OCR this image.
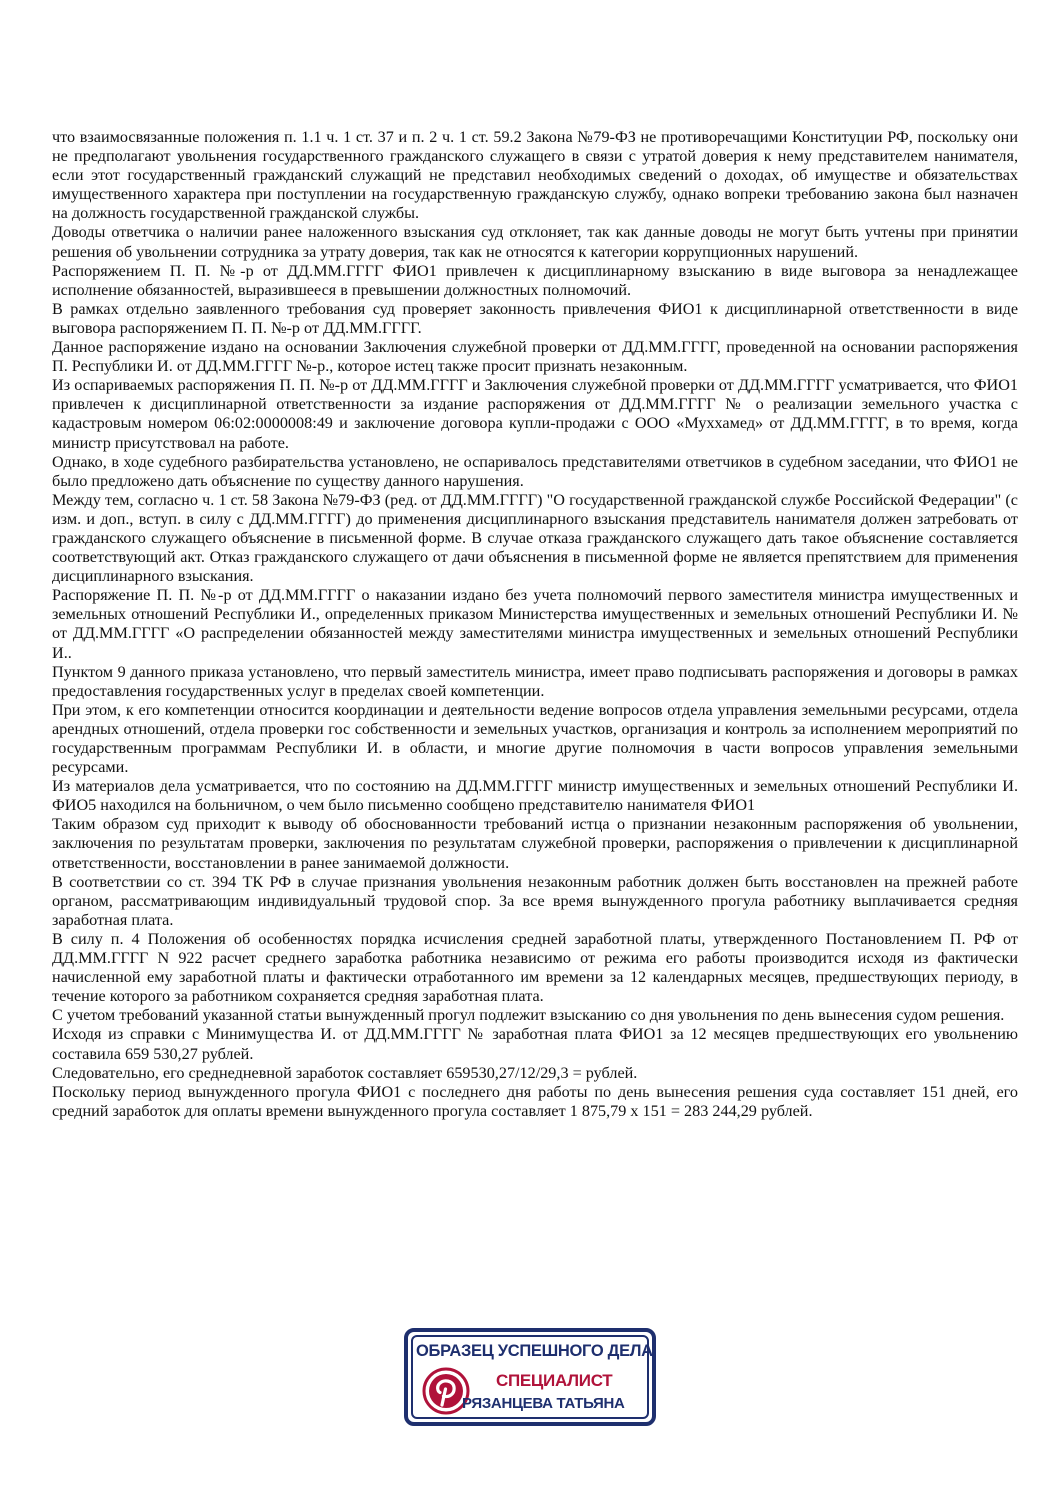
что взаимосвязанные положения п. 1.1 ч. 1 ст. 37 и п. 2 ч. 1 ст. 59.2 Закона №79-ФЗ не противоречащими Конституции РФ, поскольку они не предполагают увольнения государственного гражданского служащего в связи с утратой доверия к нему представителем нанимателя, если этот государственный гражданский служащий не представил необходимых сведений о доходах, об имуществе и обязательствах имущественного характера при поступлении на государственную гражданскую службу, однако вопреки требованию закона был назначен на должность государственной гражданской службы.

Доводы ответчика о наличии ранее наложенного взыскания суд отклоняет, так как данные доводы не могут быть учтены при принятии решения об увольнении сотрудника за утрату доверия, так как не относятся к категории коррупционных нарушений.

Распоряжением П. П. №-р от ДД.ММ.ГГГГ ФИО1 привлечен к дисциплинарному взысканию в виде выговора за ненадлежащее исполнение обязанностей, выразившееся в превышении должностных полномочий.

В рамках отдельно заявленного требования суд проверяет законность привлечения ФИО1 к дисциплинарной ответственности в виде выговора распоряжением П. П. №-р от ДД.ММ.ГГГГ.

Данное распоряжение издано на основании Заключения служебной проверки от ДД.ММ.ГГГГ, проведенной на основании распоряжения П. Республики И. от ДД.ММ.ГГГГ №-р., которое истец также просит признать незаконным.

Из оспариваемых распоряжения П. П. №-р от ДД.ММ.ГГГГ и Заключения служебной проверки от ДД.ММ.ГГГГ усматривается, что ФИО1 привлечен к дисциплинарной ответственности за издание распоряжения от ДД.ММ.ГГГГ № о реализации земельного участка с кадастровым номером 06:02:0000008:49 и заключение договора купли-продажи с ООО «Муххамед» от ДД.ММ.ГГГГ, в то время, когда министр присутствовал на работе.

Однако, в ходе судебного разбирательства установлено, не оспаривалось представителями ответчиков в судебном заседании, что ФИО1 не было предложено дать объяснение по существу данного нарушения.

Между тем, согласно ч. 1 ст. 58 Закона №79-ФЗ (ред. от ДД.ММ.ГГГГ) "О государственной гражданской службе Российской Федерации" (с изм. и доп., вступ. в силу с ДД.ММ.ГГГГ) до применения дисциплинарного взыскания представитель нанимателя должен затребовать от гражданского служащего объяснение в письменной форме. В случае отказа гражданского служащего дать такое объяснение составляется соответствующий акт. Отказ гражданского служащего от дачи объяснения в письменной форме не является препятствием для применения дисциплинарного взыскания.

Распоряжение П. П. №-р от ДД.ММ.ГГГГ о наказании издано без учета полномочий первого заместителя министра имущественных и земельных отношений Республики И., определенных приказом Министерства имущественных и земельных отношений Республики И. № от ДД.ММ.ГГГГ «О распределении обязанностей между заместителями министра имущественных и земельных отношений Республики И..

Пунктом 9 данного приказа установлено, что первый заместитель министра, имеет право подписывать распоряжения и договоры в рамках предоставления государственных услуг в пределах своей компетенции.

При этом, к его компетенции относится координации и деятельности ведение вопросов отдела управления земельными ресурсами, отдела арендных отношений, отдела проверки гос собственности и земельных участков, организация и контроль за исполнением мероприятий по государственным программам Республики И. в области, и многие другие полномочия в части вопросов управления земельными ресурсами.

Из материалов дела усматривается, что по состоянию на ДД.ММ.ГГГГ министр имущественных и земельных отношений Республики И. ФИО5 находился на больничном, о чем было письменно сообщено представителю нанимателя ФИО1

Таким образом суд приходит к выводу об обоснованности требований истца о признании незаконным распоряжения об увольнении, заключения по результатам проверки, заключения по результатам служебной проверки, распоряжения о привлечении к дисциплинарной ответственности, восстановлении в ранее занимаемой должности.

В соответствии со ст. 394 ТК РФ в случае признания увольнения незаконным работник должен быть восстановлен на прежней работе органом, рассматривающим индивидуальный трудовой спор. За все время вынужденного прогула работнику выплачивается средняя заработная плата.

В силу п. 4 Положения об особенностях порядка исчисления средней заработной платы, утвержденного Постановлением П. РФ от ДД.ММ.ГГГГ N 922 расчет среднего заработка работника независимо от режима его работы производится исходя из фактически начисленной ему заработной платы и фактически отработанного им времени за 12 календарных месяцев, предшествующих периоду, в течение которого за работником сохраняется средняя заработная плата.

С учетом требований указанной статьи вынужденный прогул подлежит взысканию со дня увольнения по день вынесения судом решения.

Исходя из справки с Минимущества И. от ДД.ММ.ГГГГ № заработная плата ФИО1 за 12 месяцев предшествующих его увольнению составила 659 530,27 рублей.

Следовательно, его среднедневной заработок составляет 659530,27/12/29,3 = рублей.

Поскольку период вынужденного прогула ФИО1 с последнего дня работы по день вынесения решения суда составляет 151 дней, его средний заработок для оплаты времени вынужденного прогула составляет 1 875,79 х 151 = 283 244,29 рублей.

ОБРАЗЕЦ УСПЕШНОГО ДЕЛА
СПЕЦИАЛИСТ
РЯЗАНЦЕВА ТАТЬЯНА
